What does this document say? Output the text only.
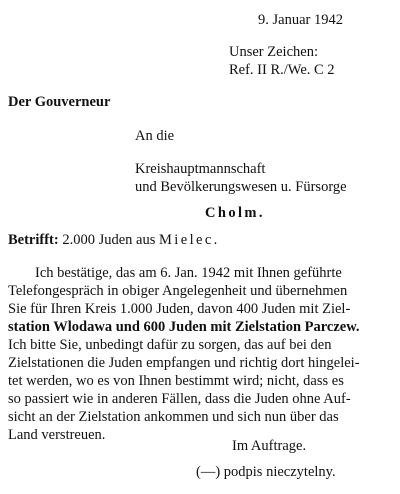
9. Januar 1942
Unser Zeichen:
Ref. II R./We. C 2
Der Gouverneur
An die
Kreishauptmannschaft
und Bevölkerungswesen u. Fürsorge
Cholm.
Betrifft: 2.000 Juden aus Mielec.
Ich bestätige, das am 6. Jan. 1942 mit Ihnen geführte
Telefongespräch in obiger Angelegenheit und übernehmen
Sie für Ihren Kreis 1.000 Juden, davon 400 Juden mit Ziel-
station Wlodawa und 600 Juden mit Zielstation Parczew.
Ich bitte Sie, unbedingt dafür zu sorgen, das auf bei den
Zielstationen die Juden empfangen und richtig dort hingelei-
tet werden, wo es von Ihnen bestimmt wird; nicht, dass es
so passiert wie in anderen Fällen, dass die Juden ohne Auf-
sicht an der Zielstation ankommen und sich nun über das
Land verstreuen.
Im Auftrage.
(—) podpis nieczytelny.
